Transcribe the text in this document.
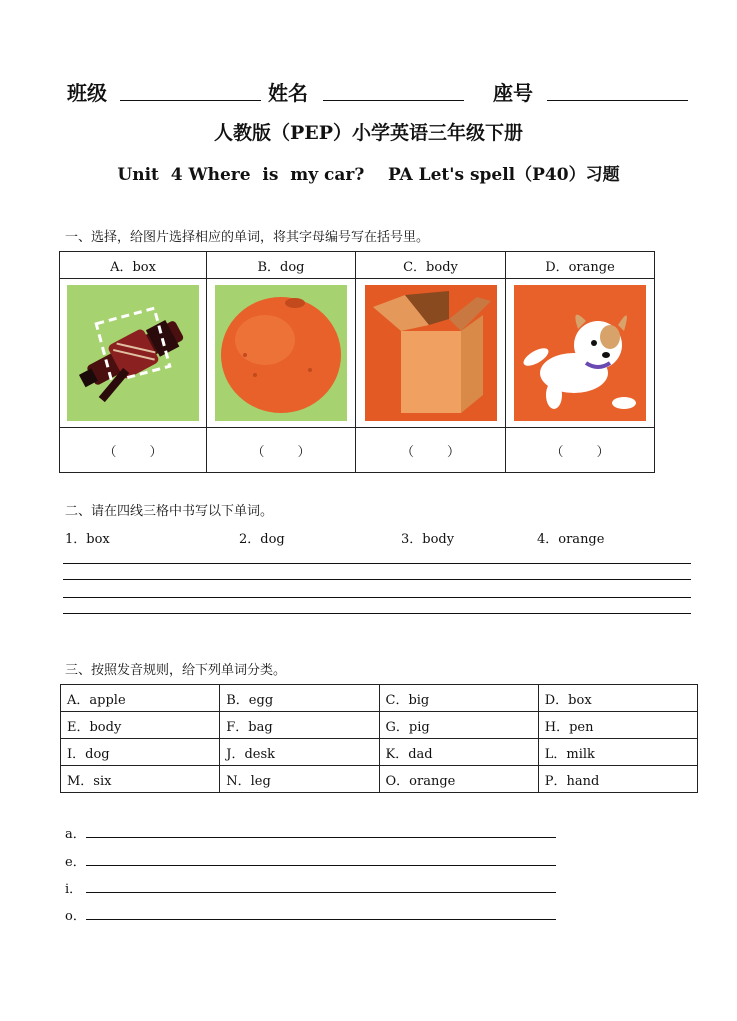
班级	姓名	座号
人教版（PEP）小学英语三年级下册
Unit  4 Where  is  my car?    PA Let's spell（P40）习题
一、选择，给图片选择相应的单词，将其字母编号写在括号里。
A．box	B．dog	C．body	D．orange

（        ）	（        ）	（        ）	（        ）
二、请在四线三格中书写以下单词。
1．box	2．dog	3．body	4．orange
三、按照发音规则，给下列单词分类。
A．apple	B．egg	C．big	D．box
E．body	F．bag	G．pig	H．pen
I．dog	J．desk	K．dad	L．milk
M．six	N．leg	O．orange	P．hand
a．
e．
i．
o．
